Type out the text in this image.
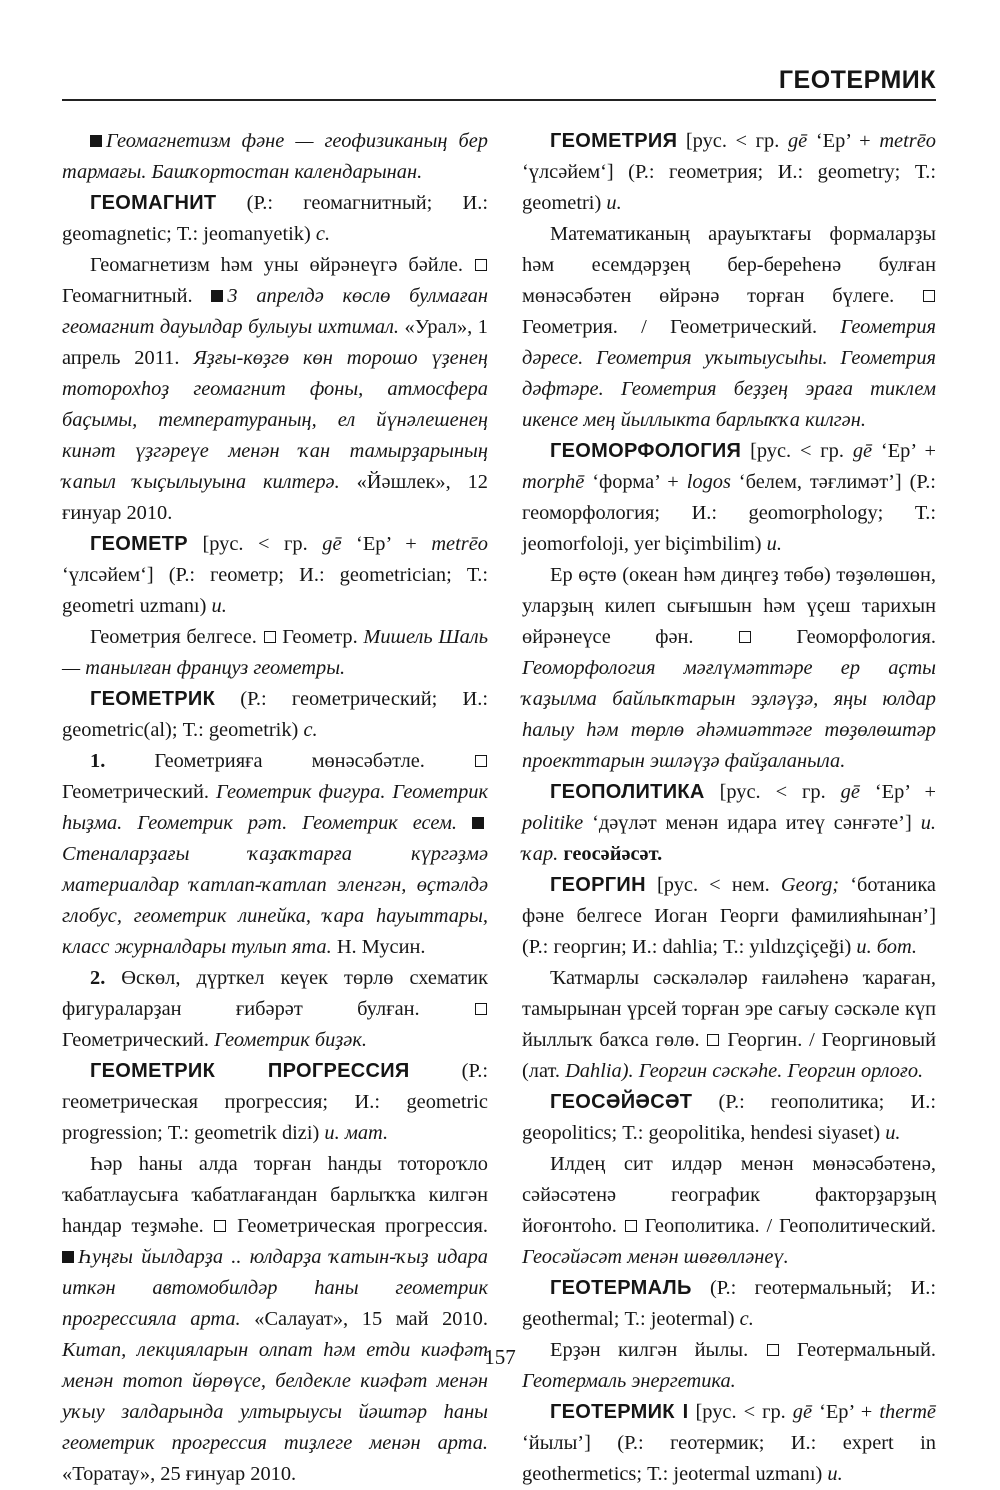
ГЕОТЕРМИК

Геомагнетизм фәне — геофизиканың бер тармағы. Башҡортостан календарынан.

ГЕОМАГНИТ (Р.: геомагнитный; И.: geomagnetic; Т.: jeomanyetik) с.

Геомагнетизм һәм уны өйрәнеүгә бәйле.  Геомагнитный. 3 апрелдә көслө булмаған геомагнит дауылдар булыуы ихтимал. «Урал», 1 апрель 2011. Яҙғы-көҙгө көн торошо үҙенең тоторохһоҙ геомагнит фоны, атмосфера баҫымы, температураның, ел йүнәлешенең кинәт үҙгәреүе менән ҡан тамырҙарының ҡапыл ҡыҫылыуына килтерә. «Йәшлек», 12 ғинуар 2010.

ГЕОМЕТР [рус. < гр. gē ‘Ер’ + metrēo ‘үлсәйем‘] (Р.: геометр; И.: geometrician; Т.: geometri uzmanı) и.

Геометрия белгесе. Геометр. Мишель Шаль — танылған француз геометры.

ГЕОМЕТРИК (Р.: геометрический; И.: geometric(al); Т.: geometrik) с.

1. Геометрияға мөнәсәбәтле.  Геометрический. Геометрик фигура. Геометрик һыҙма. Геометрик рәт. Геометрик есем. Стеналарҙағы ҡаҙаҡтарға күргәҙмә материалдар ҡатлап-ҡатлап эленгән, өҫтәлдә глобус, геометрик линейка, ҡара һауыттары, класс журналдары тулып ята. Н. Мусин.

2. Өскөл, дүрткел кеүек төрлө схематик фигураларҙан ғибәрәт булған.  Геометрический. Геометрик биҙәк.

ГЕОМЕТРИК ПРОГРЕССИЯ	(Р.: геометрическая прогрессия; И.: geometric progression; Т.: geometrik dizi) и. мат.

Һәр һаны алда торған һанды тотороҡло ҡабатлаусыға ҡабатлағандан барлыҡҡа килгән һандар теҙмәһе. Геометрическая прогрессия. Һуңғы йылдарҙа .. юлдарҙа ҡатын-ҡыҙ идара иткән автомобилдәр һаны геометрик прогрессияла арта. «Салауат», 15 май 2010. Китап, лекцияларын олпат һәм етди киәфәт менән тотоп йөрөүсе, белдекле киәфәт менән уҡыу залдарында ултырыусы йәштәр һаны геометрик прогрессия тиҙлеге менән арта. «Торатау», 25 ғинуар 2010.

ГЕОМЕТРИЯ [рус. < гр. gē ‘Ер’ + metrēo ‘үлсәйем‘] (Р.: геометрия; И.: geometry; Т.: geometri) и.

Математиканың арауыҡтағы формаларҙы һәм есемдәрҙең бер-береһенә булған мөнәсәбәтен өйрәнә торған бүлеге.  Геометрия. / Геометрический. Геометрия дәресе. Геометрия уҡытыусыһы. Геометрия дәфтәре. Геометрия беҙҙең эраға тиклем икенсе мең йыллыкта барлыҡҡа килгән.

ГЕОМОРФОЛОГИЯ [рус. < гр. gē ‘Ер’ + morphē ‘форма’ + logos ‘белем, тәғлимәт’] (Р.: геоморфология; И.: geomorphology; Т.: jeomorfoloji, yer biçimbilim) и.

Ер өҫтө (океан һәм диңгеҙ төбө) төҙөлөшөн, уларҙың килеп сығышын һәм үҫеш тарихын өйрәнеүсе фән.	Геоморфология. Геоморфология мәғлүмәттәре ер аҫты ҡаҙылма байлыҡтарын эҙләүҙә, яңы юлдар һалыу һәм төрлө әһәмиәттәге төҙөлөштәр проекттарын эшләүҙә файҙаланыла.

ГЕОПОЛИТИКА [рус. < гр. gē ‘Ер’ + politike ‘дәүләт менән идара итеү сәнғәте’] и. ҡар. геосәйәсәт.

ГЕОРГИН [рус. < нем. Georg; ‘ботаника фәне белгесе Иоган Георги фамилияһынан’] (Р.: георгин; И.: dahlia; Т.: yıldızçiçeği) и. бот.

Ҡатмарлы сәскәләләр ғаиләһенә ҡараған, тамырынан үрсей торған эре сағыу сәскәле күп йыллыҡ баҡса гөлө. Георгин. / Георгиновый (лат. Dahlia). Георгин сәскәһе. Георгин орлоғо.

ГЕОСӘЙӘСӘТ (Р.: геополитика; И.: geopolitics; Т.: geopolitika, hendesi siyaset) и.

Илдең сит илдәр менән мөнәсәбәтенә, сәйәсәтенә географик факторҙарҙың йоғонтоһо. Геополитика. / Геополитический. Геосәйәсәт менән шөғөлләнеү.

ГЕОТЕРМАЛЬ (Р.: геотермальный; И.: geothermal; Т.: jeotermal) с.

Ерҙән килгән йылы. Геотермальный. Геотермаль энергетика.

ГЕОТЕРМИК І [рус. < гр. gē ‘Ер’ + thermē ‘йылы’] (Р.: геотермик; И.: expert in geothermetics; Т.: jeotermal uzmanı) и.

157
